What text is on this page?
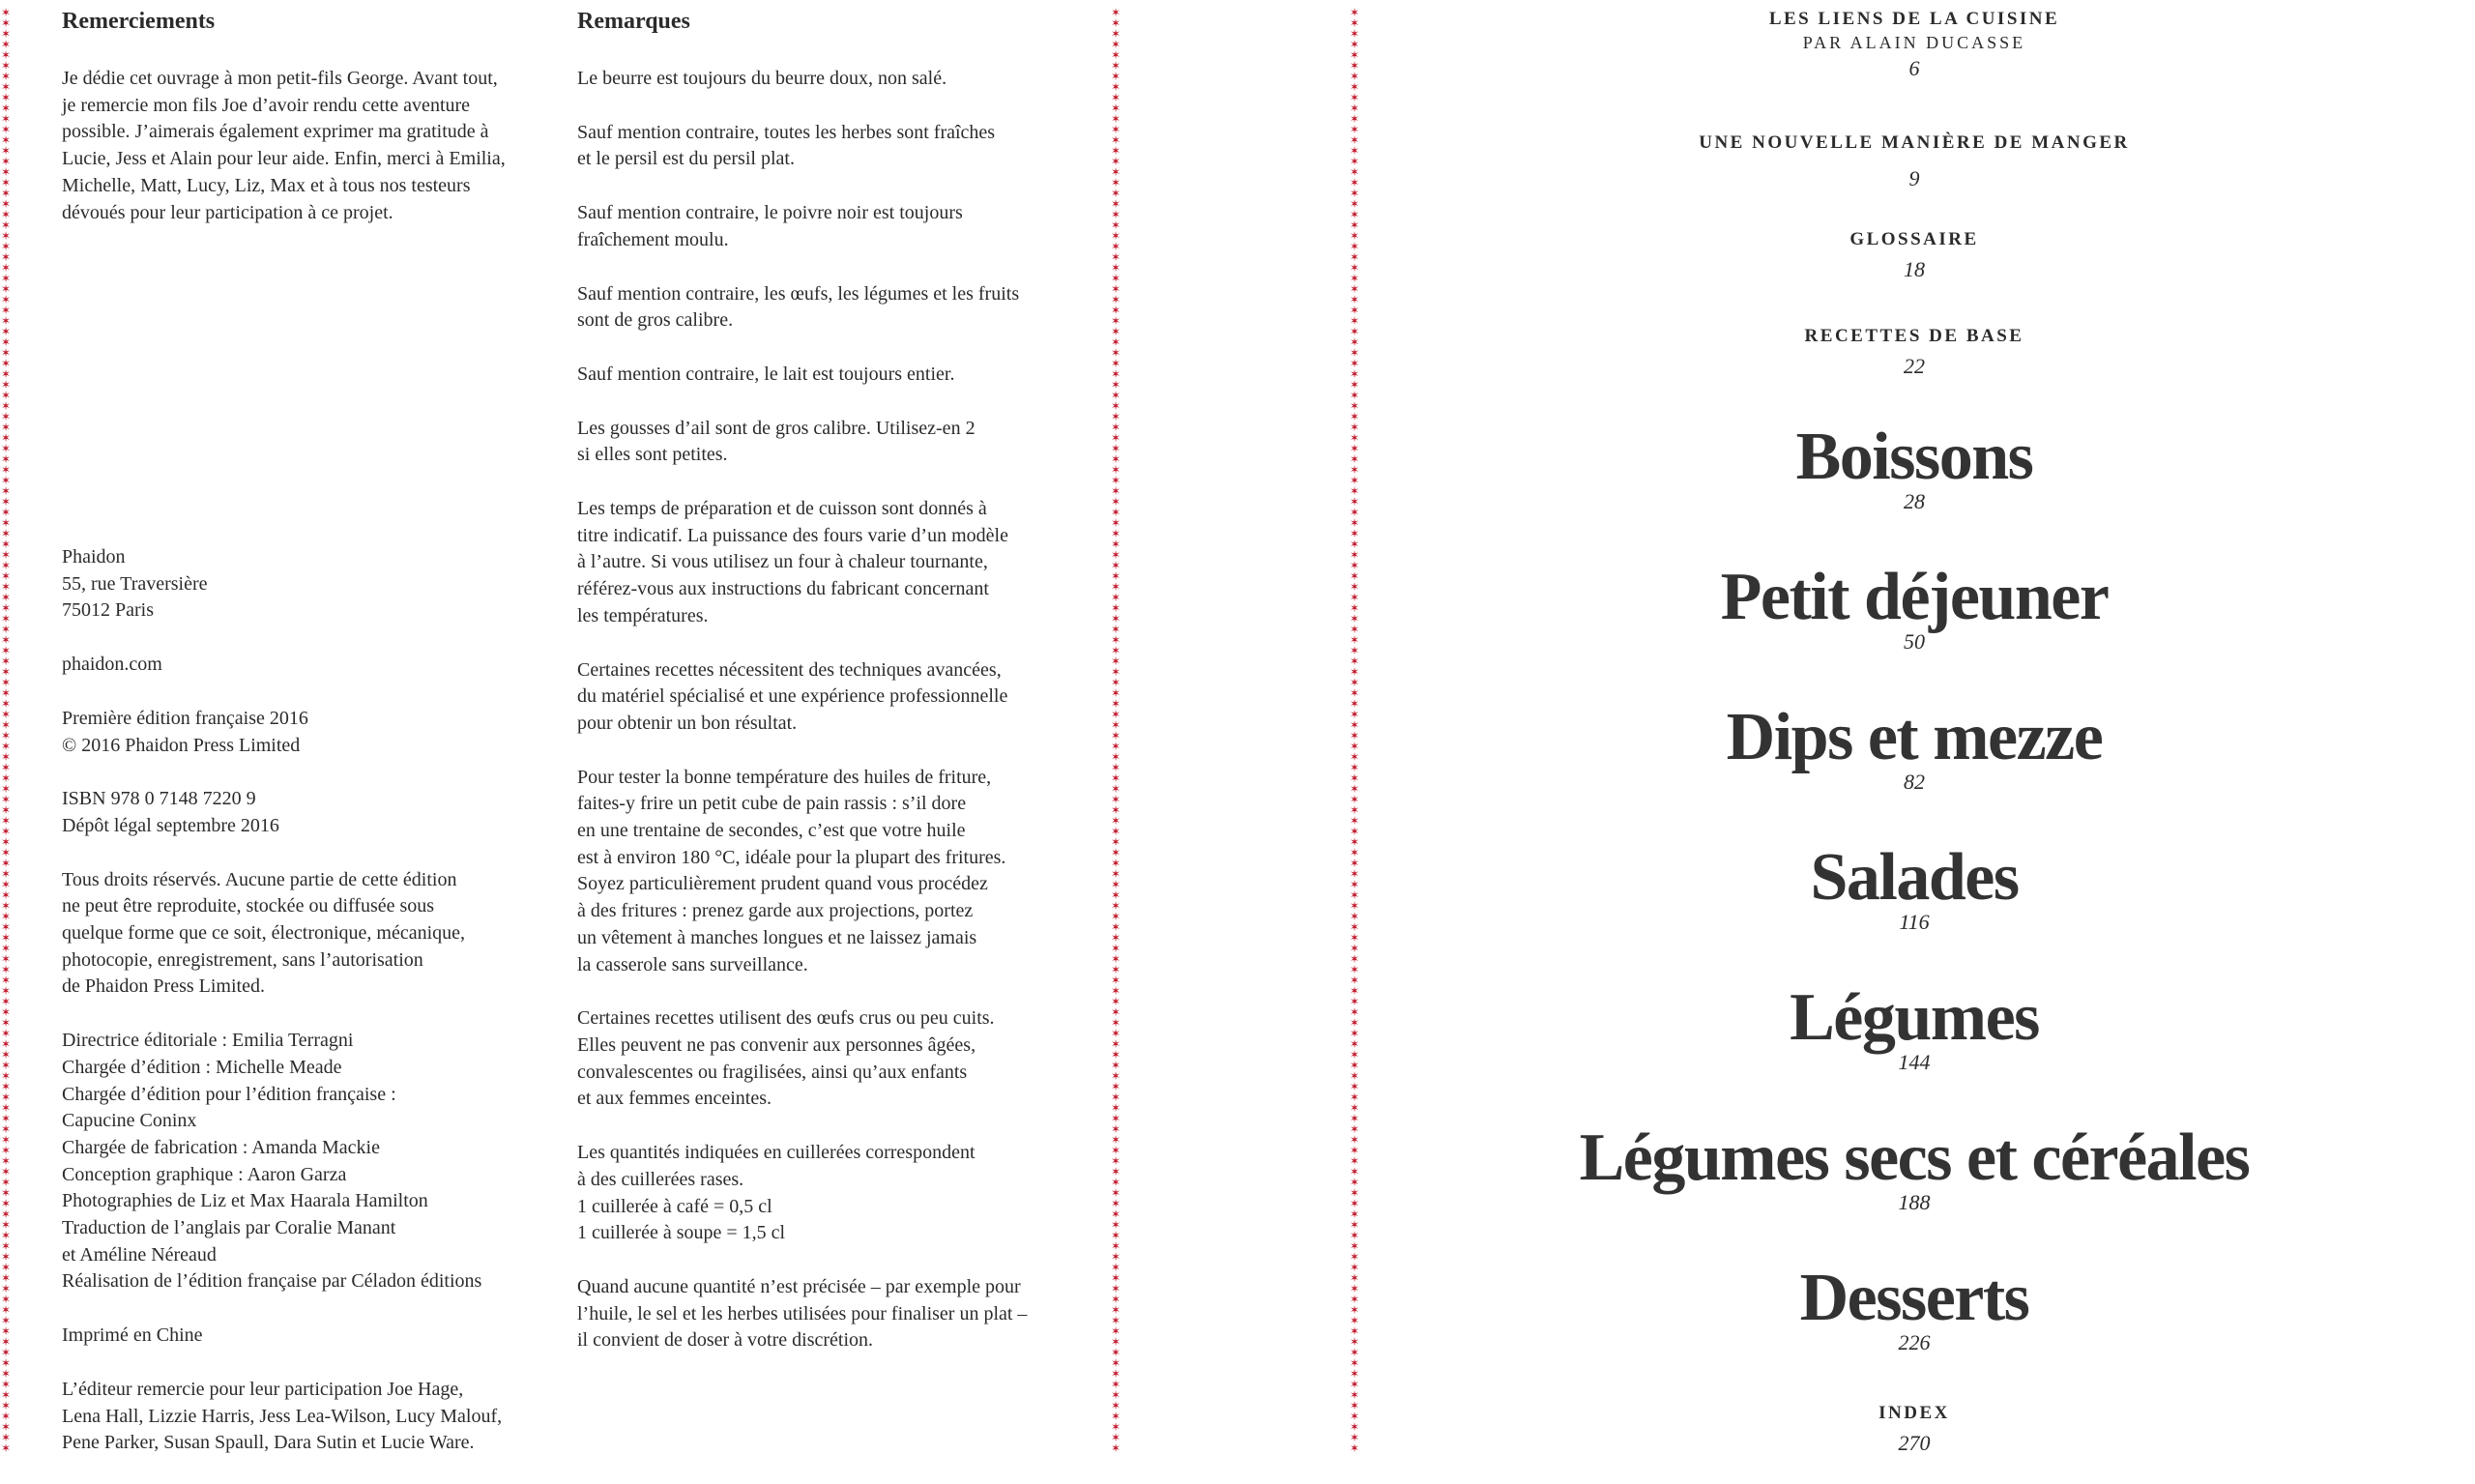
✶
✶
✶
✶
✶
✶
✶
✶
✶
✶
✶
✶
✶
✶
✶
✶
✶
✶
✶
✶
✶
✶
✶
✶
✶
✶
✶
✶
✶
✶
✶
✶
✶
✶
✶
✶
✶
✶
✶
✶
✶
✶
✶
✶
✶
✶
✶
✶
✶
✶
✶
✶
✶
✶
✶
✶
✶
✶
✶
✶
✶
✶
✶
✶
✶
✶
✶
✶
✶
✶
✶
✶
✶
✶
✶
✶
✶
✶
✶
✶
✶
✶
✶
✶
✶
✶
✶
✶
✶
✶
✶
✶
✶
✶
✶
✶
✶
✶
✶
✶
✶
✶
✶
✶
✶
✶
✶
✶
✶
✶
✶
✶
✶
✶
✶
✶
✶
✶
✶
✶
✶
✶
✶
✶
✶
✶
✶
✶
✶
✶
✶
✶
✶
✶
✶
✶
✶
✶
✶
✶
✶
✶
✶
✶
✶
✶
✶
✶
✶
✶
✶
✶
✶
✶
✶
✶
✶
✶
✶
✶
✶
✶
✶
✶
✶
✶
✶
✶
✶
✶
✶
✶
✶
✶
✶
✶
✶
✶
✶
✶
✶
✶
✶
✶
✶
✶
✶
✶
✶
✶
✶
✶
✶
✶
✶
✶
✶
✶
✶
✶
✶
✶
✶
✶
✶
✶
✶
✶
✶
✶
✶
✶
✶
✶
✶
✶
✶
✶
✶
✶
✶
✶
✶
✶
✶
✶
✶
✶
✶
✶
✶
✶
✶
✶
✶
✶
✶
✶
✶
✶
✶
✶
✶
✶
✶
✶
✶
✶
✶
✶
✶
✶
✶
✶
✶
✶
✶
✶
✶
✶
✶
✶
✶
✶
✶
✶
✶
✶
✶
✶
✶
✶
✶
✶
✶
✶
✶
✶
✶
✶
✶
✶
✶
✶
✶
✶
✶
✶
✶
✶
✶
✶
✶
✶
✶
✶
✶
✶
✶
✶
✶
✶
✶
✶
✶
✶
✶
✶
✶
✶
✶
✶
✶
✶
✶
✶
✶
✶
✶
✶
✶
✶
✶
✶
✶
✶
✶
✶
✶
✶
✶
✶
✶
✶
✶
✶
✶
✶
✶
✶
✶
✶
✶
✶
✶
✶
✶
✶
✶
✶
✶
✶
✶
✶
✶
✶
✶
✶
✶
✶
✶
✶
✶
✶
✶
✶
✶
✶
✶
✶
✶
✶
✶
✶
✶
✶
✶
✶
✶
✶
✶
✶
✶
✶
✶
✶
✶
✶
✶
✶
✶
✶
✶
✶
✶
✶
✶
✶
✶
✶
✶
✶
✶
✶
✶
✶
✶
✶
Remerciements

Je dédie cet ouvrage à mon petit-fils George. Avant tout,
je remercie mon fils Joe d’avoir rendu cette aventure
possible. J’aimerais également exprimer ma gratitude à
Lucie, Jess et Alain pour leur aide. Enfin, merci à Emilia,
Michelle, Matt, Lucy, Liz, Max et à tous nos testeurs
dévoués pour leur participation à ce projet.

Phaidon
55, rue Traversière
75012 Paris

phaidon.com

Première édition française 2016
© 2016 Phaidon Press Limited

ISBN 978 0 7148 7220 9
Dépôt légal septembre 2016

Tous droits réservés. Aucune partie de cette édition
ne peut être reproduite, stockée ou diffusée sous
quelque forme que ce soit, électronique, mécanique,
photocopie, enregistrement, sans l’autorisation
de Phaidon Press Limited.

Directrice éditoriale : Emilia Terragni
Chargée d’édition : Michelle Meade
Chargée d’édition pour l’édition française :
Capucine Coninx
Chargée de fabrication : Amanda Mackie
Conception graphique : Aaron Garza
Photographies de Liz et Max Haarala Hamilton
Traduction de l’anglais par Coralie Manant
et Améline Néreaud
Réalisation de l’édition française par Céladon éditions

Imprimé en Chine

L’éditeur remercie pour leur participation Joe Hage,
Lena Hall, Lizzie Harris, Jess Lea-Wilson, Lucy Malouf,
Pene Parker, Susan Spaull, Dara Sutin et Lucie Ware.

Remarques

Le beurre est toujours du beurre doux, non salé.

Sauf mention contraire, toutes les herbes sont fraîches
et le persil est du persil plat.

Sauf mention contraire, le poivre noir est toujours
fraîchement moulu.

Sauf mention contraire, les œufs, les légumes et les fruits
sont de gros calibre.

Sauf mention contraire, le lait est toujours entier.

Les gousses d’ail sont de gros calibre. Utilisez-en 2
si elles sont petites.

Les temps de préparation et de cuisson sont donnés à
titre indicatif. La puissance des fours varie d’un modèle
à l’autre. Si vous utilisez un four à chaleur tournante,
référez-vous aux instructions du fabricant concernant
les températures.

Certaines recettes nécessitent des techniques avancées,
du matériel spécialisé et une expérience professionnelle
pour obtenir un bon résultat.

Pour tester la bonne température des huiles de friture,
faites-y frire un petit cube de pain rassis : s’il dore
en une trentaine de secondes, c’est que votre huile
est à environ 180 °C, idéale pour la plupart des fritures.
Soyez particulièrement prudent quand vous procédez
à des fritures : prenez garde aux projections, portez
un vêtement à manches longues et ne laissez jamais
la casserole sans surveillance.

Certaines recettes utilisent des œufs crus ou peu cuits.
Elles peuvent ne pas convenir aux personnes âgées,
convalescentes ou fragilisées, ainsi qu’aux enfants
et aux femmes enceintes.

Les quantités indiquées en cuillerées correspondent
à des cuillerées rases.
1 cuillerée à café = 0,5 cl
1 cuillerée à soupe = 1,5 cl

Quand aucune quantité n’est précisée – par exemple pour
l’huile, le sel et les herbes utilisées pour finaliser un plat –
il convient de doser à votre discrétion.

LES LIENS DE LA CUISINE
PAR ALAIN DUCASSE
6
UNE NOUVELLE MANIÈRE DE MANGER
9
GLOSSAIRE
18
RECETTES DE BASE
22
Boissons
28
Petit déjeuner
50
Dips et mezze
82
Salades
116
Légumes
144
Légumes secs et céréales
188
Desserts
226
INDEX
270
